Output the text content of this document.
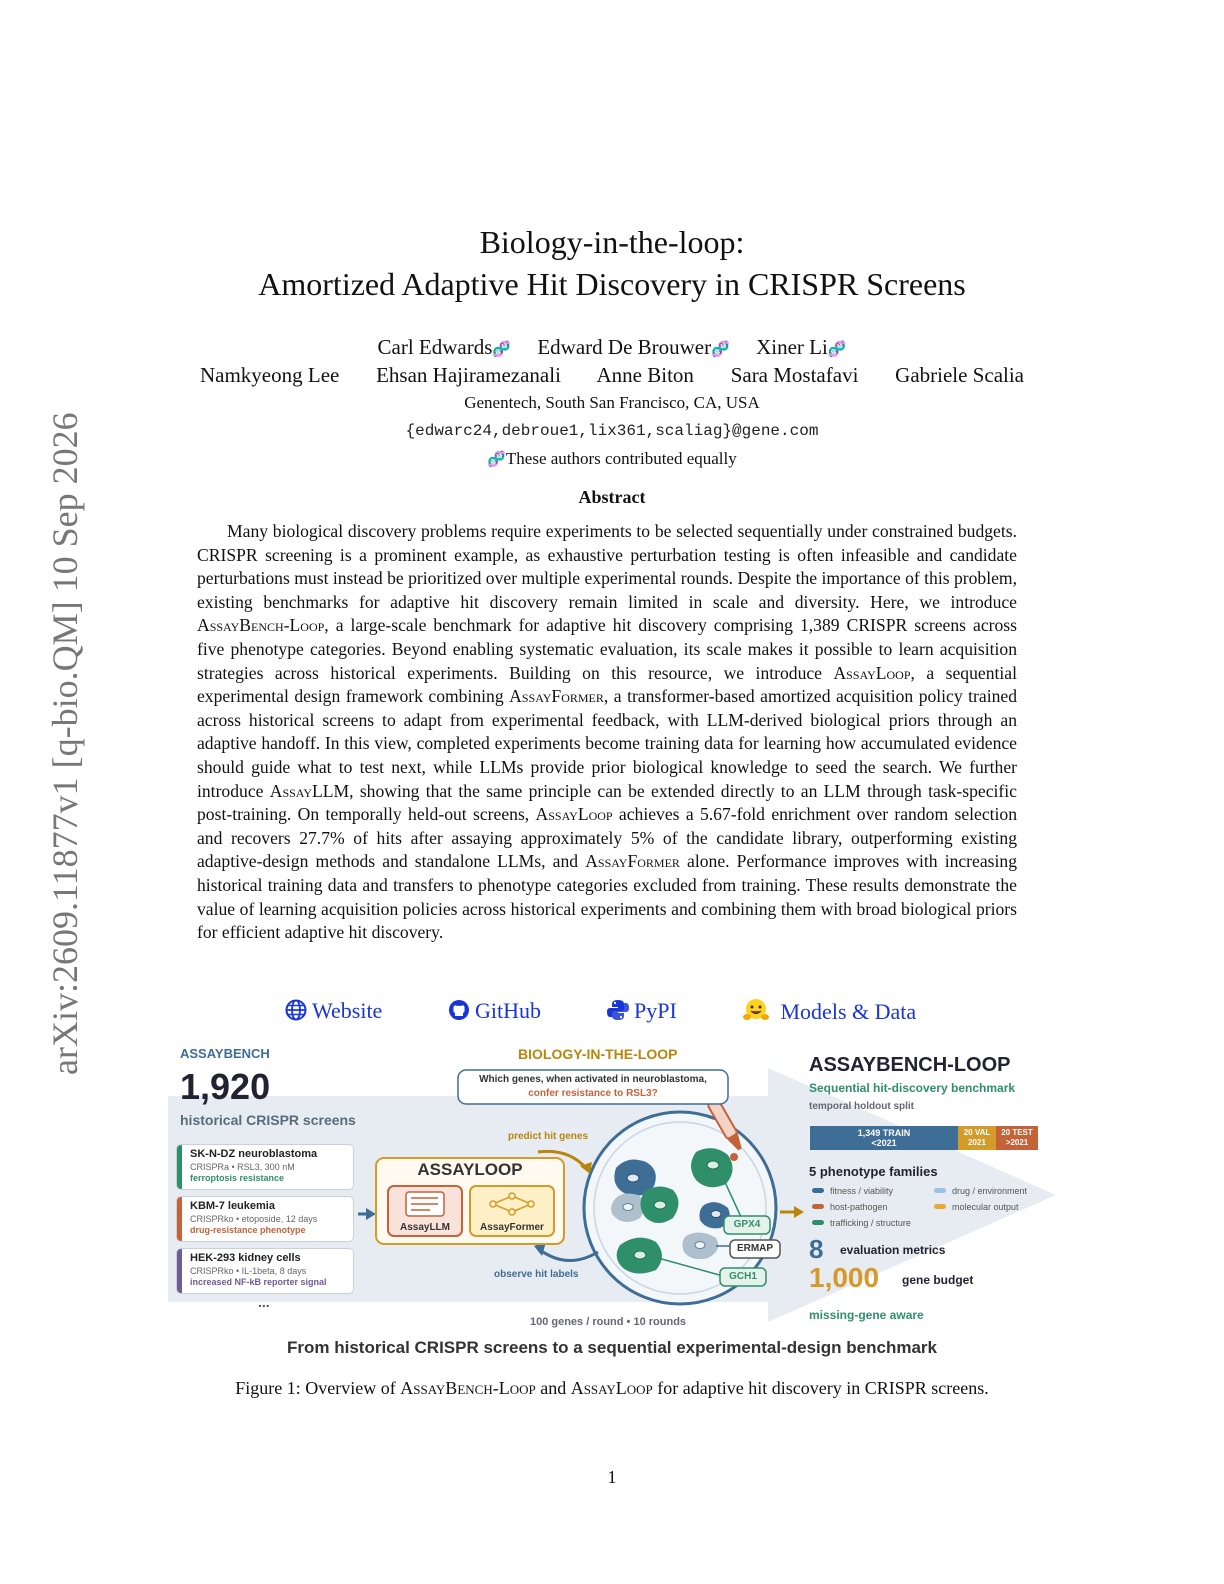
arXiv:2609.11877v1 [q-bio.QM] 10 Sep 2026
Biology-in-the-loop:
Amortized Adaptive Hit Discovery in CRISPR Screens
Carl Edwards🧬 Edward De Brouwer🧬 Xiner Li🧬
Namkyeong Lee Ehsan Hajiramezanali Anne Biton Sara Mostafavi Gabriele Scalia
Genentech, South San Francisco, CA, USA
{edwarc24,debroue1,lix361,scaliag}@gene.com
🧬These authors contributed equally
Abstract

Many biological discovery problems require experiments to be selected sequentially under constrained budgets. CRISPR screening is a prominent example, as exhaustive perturbation testing is often infeasible and candidate perturbations must instead be prioritized over multiple experimental rounds. Despite the importance of this problem, existing benchmarks for adaptive hit discovery remain limited in scale and diversity. Here, we introduce AssayBench-Loop, a large-scale benchmark for adaptive hit discovery comprising 1,389 CRISPR screens across five phenotype categories. Beyond enabling systematic evaluation, its scale makes it possible to learn acquisition strategies across historical experiments. Building on this resource, we introduce AssayLoop, a sequential experimental design framework combining AssayFormer, a transformer-based amortized acquisition policy trained across historical screens to adapt from experimental feedback, with LLM-derived biological priors through an adaptive handoff. In this view, completed experiments become training data for learning how accumulated evidence should guide what to test next, while LLMs provide prior biological knowledge to seed the search. We further introduce AssayLLM, showing that the same principle can be extended directly to an LLM through task-specific post-training. On temporally held-out screens, AssayLoop achieves a 5.67-fold enrichment over random selection and recovers 27.7% of hits after assaying approximately 5% of the candidate library, outperforming existing adaptive-design methods and standalone LLMs, and AssayFormer alone. Performance improves with increasing historical training data and transfers to phenotype categories excluded from training. These results demonstrate the value of learning acquisition policies across historical experiments and combining them with broad biological priors for efficient adaptive hit discovery.

Website	GitHub	PyPI	Models & Data
ASSAYBENCH
1,920
historical CRISPR screens
SK-N-DZ neuroblastoma
CRISPRa • RSL3, 300 nM
ferroptosis resistance
KBM-7 leukemia
CRISPRko • etoposide, 12 days
drug-resistance phenotype
HEK-293 kidney cells
CRISPRko • IL-1beta, 8 days
increased NF-kB reporter signal
...
BIOLOGY-IN-THE-LOOP
Which genes, when activated in neuroblastoma,
confer resistance to RSL3?
predict hit genes
observe hit labels
ASSAYLOOP
AssayLLM	AssayFormer	GPX4
ERMAP
GCH1
100 genes / round • 10 rounds
ASSAYBENCH-LOOP
Sequential hit-discovery benchmark
temporal holdout split
1,349 TRAIN
<2021
20 VAL
2021
20 TEST
>2021
5 phenotype families
fitness / viability	drug / environment
host-pathogen	molecular output
trafficking / structure
8 evaluation metrics
1,000 gene budget
missing-gene aware
From historical CRISPR screens to a sequential experimental-design benchmark
Figure 1: Overview of AssayBench-Loop and AssayLoop for adaptive hit discovery in CRISPR screens.
1
